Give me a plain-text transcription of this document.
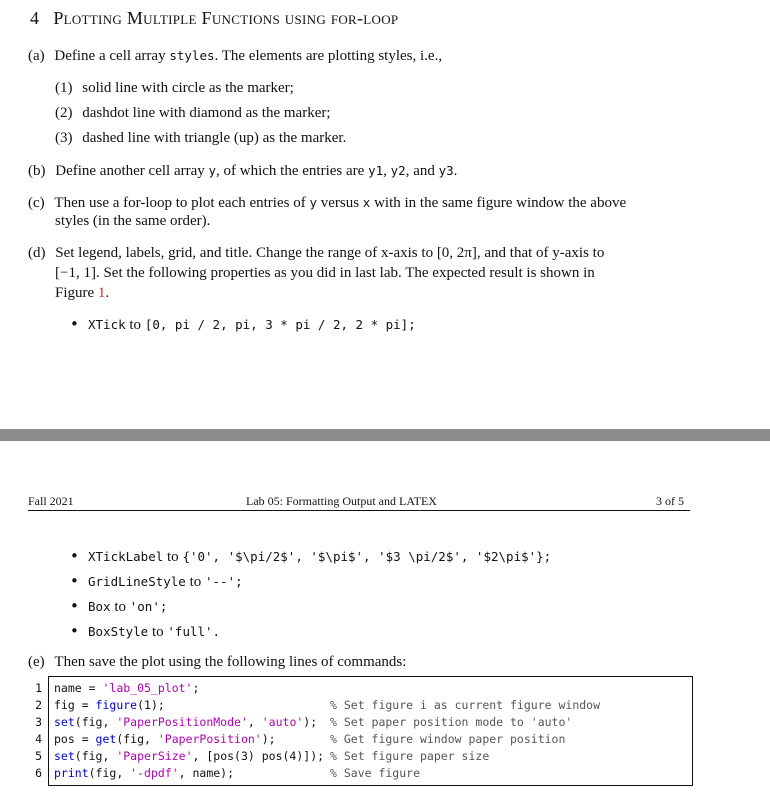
4 Plotting Multiple Functions using for-loop
(a) Define a cell array styles. The elements are plotting styles, i.e.,
(1) solid line with circle as the marker;
(2) dashdot line with diamond as the marker;
(3) dashed line with triangle (up) as the marker.
(b) Define another cell array y, of which the entries are y1, y2, and y3.
(c) Then use a for-loop to plot each entries of y versus x with in the same figure window the above
styles (in the same order).
(d) Set legend, labels, grid, and title. Change the range of x-axis to [0, 2π], and that of y-axis to
[−1, 1]. Set the following properties as you did in last lab. The expected result is shown in
Figure 1.
• XTick to [0, pi / 2, pi, 3 * pi / 2, 2 * pi];
Fall 2021	Lab 05: Formatting Output and LATEX	3 of 5
• XTickLabel to {'0', '$\pi/2$', '$\pi$', '$3 \pi/2$', '$2\pi$'};
• GridLineStyle to '--';
• Box to 'on';
• BoxStyle to 'full'.
(e) Then save the plot using the following lines of commands:
1 name = 'lab_05_plot';
2 fig = figure(1);	% Set figure i as current figure window
3 set(fig, 'PaperPositionMode', 'auto'); % Set paper position mode to 'auto'
4 pos = get(fig, 'PaperPosition');	% Get figure window paper position
5 set(fig, 'PaperSize', [pos(3) pos(4)]); % Set figure paper size
6 print(fig, '-dpdf', name);	% Save figure
